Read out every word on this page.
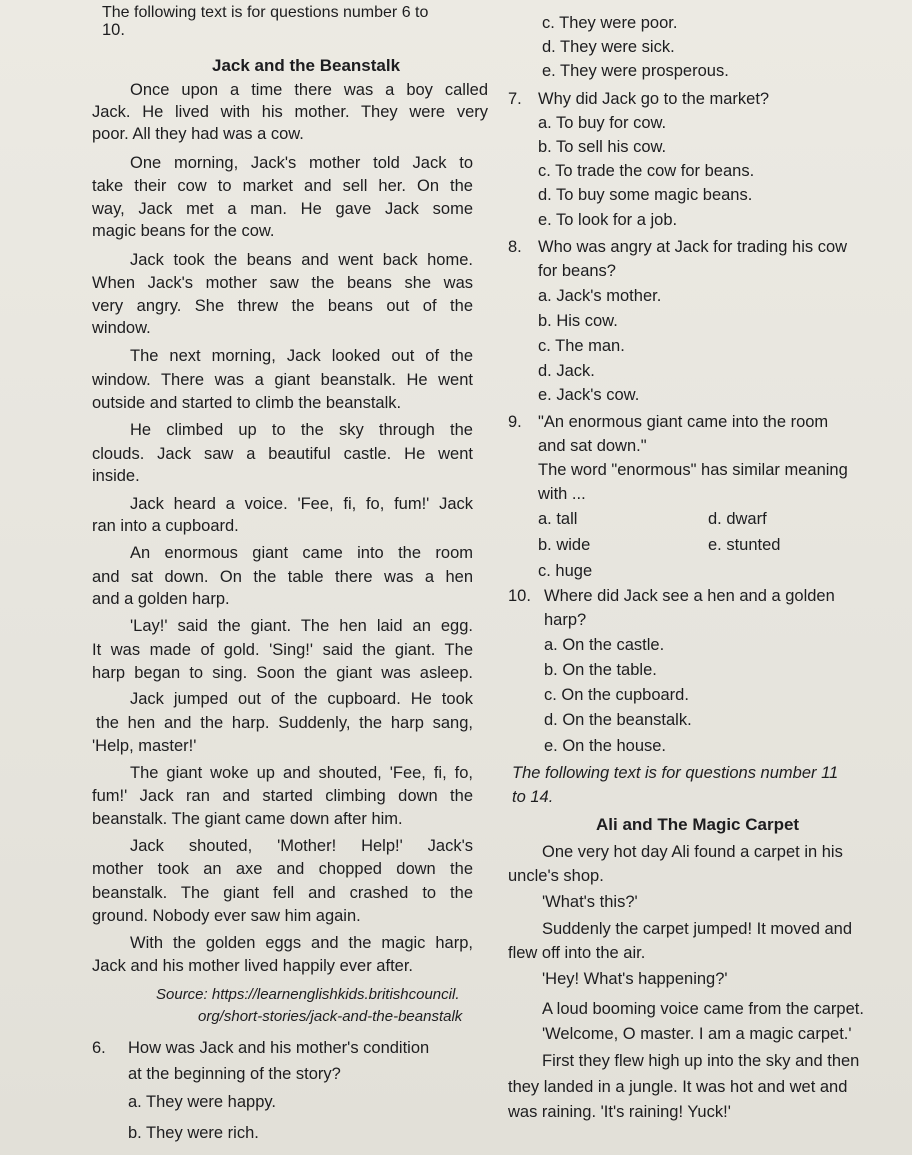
The following text is for questions number 6 to
10.
Jack and the Beanstalk
Once upon a time there was a boy called
Jack. He lived with his mother. They were very
poor. All they had was a cow.
One morning, Jack's mother told Jack to
take their cow to market and sell her. On the
way, Jack met a man. He gave Jack some
magic beans for the cow.
Jack took the beans and went back home.
When Jack's mother saw the beans she was
very angry. She threw the beans out of the
window.
The next morning, Jack looked out of the
window. There was a giant beanstalk. He went
outside and started to climb the beanstalk.
He climbed up to the sky through the
clouds. Jack saw a beautiful castle. He went
inside.
Jack heard a voice. 'Fee, fi, fo, fum!' Jack
ran into a cupboard.
An enormous giant came into the room
and sat down. On the table there was a hen
and a golden harp.
'Lay!' said the giant. The hen laid an egg.
It was made of gold. 'Sing!' said the giant. The
harp began to sing. Soon the giant was asleep.
Jack jumped out of the cupboard. He took
the hen and the harp. Suddenly, the harp sang,
'Help, master!'
The giant woke up and shouted, 'Fee, fi, fo,
fum!' Jack ran and started climbing down the
beanstalk. The giant came down after him.
Jack shouted, 'Mother! Help!' Jack's
mother took an axe and chopped down the
beanstalk. The giant fell and crashed to the
ground. Nobody ever saw him again.
With the golden eggs and the magic harp,
Jack and his mother lived happily ever after.
Source: https://learnenglishkids.britishcouncil.
org/short-stories/jack-and-the-beanstalk
6. How was Jack and his mother's condition
at the beginning of the story?
a. They were happy.
b. They were rich.
c. They were poor.
d. They were sick.
e. They were prosperous.
7. Why did Jack go to the market?
a. To buy for cow.
b. To sell his cow.
c. To trade the cow for beans.
d. To buy some magic beans.
e. To look for a job.
8. Who was angry at Jack for trading his cow
for beans?
a. Jack's mother.
b. His cow.
c. The man.
d. Jack.
e. Jack's cow.
9. "An enormous giant came into the room
and sat down."
The word "enormous" has similar meaning
with ...
a. tall
b. wide
c. huge
d. dwarf
e. stunted
10. Where did Jack see a hen and a golden
harp?
a. On the castle.
b. On the table.
c. On the cupboard.
d. On the beanstalk.
e. On the house.
The following text is for questions number 11
to 14.
Ali and The Magic Carpet
One very hot day Ali found a carpet in his
uncle's shop.
'What's this?'
Suddenly the carpet jumped! It moved and
flew off into the air.
'Hey! What's happening?'
A loud booming voice came from the carpet.
'Welcome, O master. I am a magic carpet.'
First they flew high up into the sky and then
they landed in a jungle. It was hot and wet and
was raining. 'It's raining! Yuck!'
